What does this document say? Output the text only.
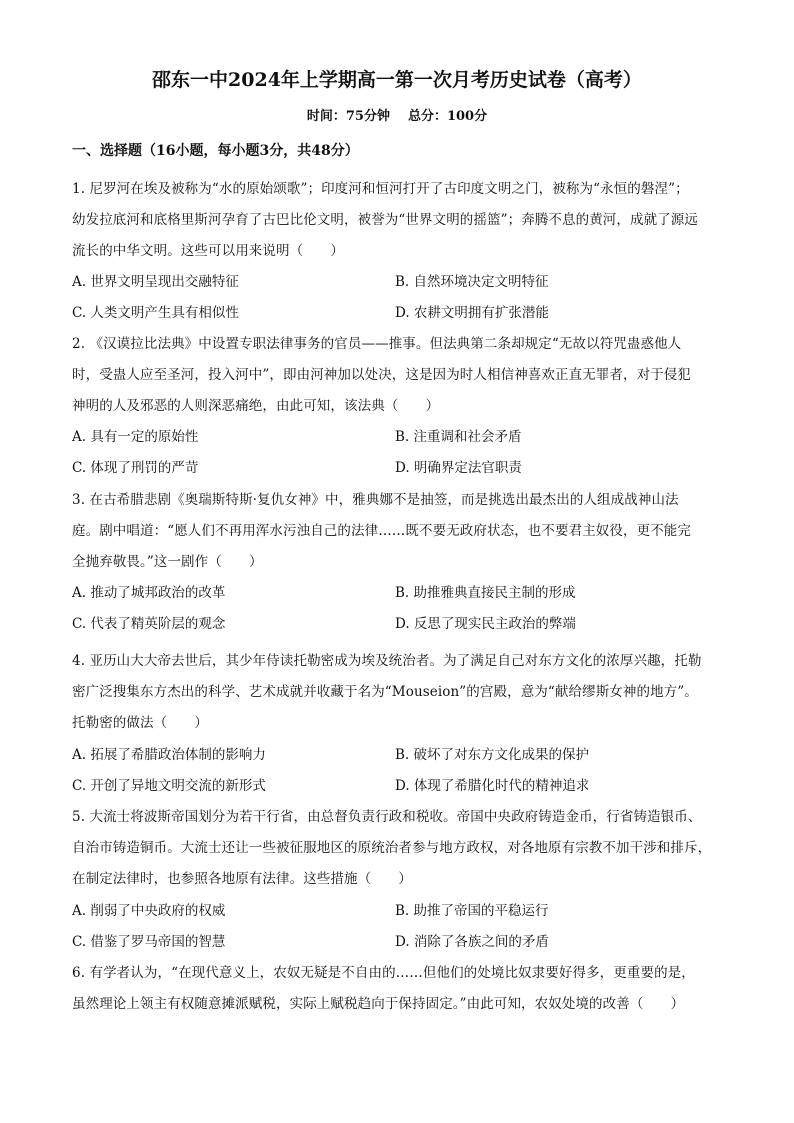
邵东一中2024年上学期高一第一次月考历史试卷（高考）
时间：75分钟 总分：100分
一、选择题（16小题，每小题3分，共48分）
1. 尼罗河在埃及被称为“水的原始颂歌”；印度河和恒河打开了古印度文明之门，被称为“永恒的磐涅”；
幼发拉底河和底格里斯河孕育了古巴比伦文明，被誉为“世界文明的摇篮”；奔腾不息的黄河，成就了源远
流长的中华文明。这些可以用来说明（　　）
A. 世界文明呈现出交融特征	B. 自然环境决定文明特征
C. 人类文明产生具有相似性	D. 农耕文明拥有扩张潜能
2. 《汉谟拉比法典》中设置专职法律事务的官员——推事。但法典第二条却规定“无故以符咒蛊惑他人
时，受蛊人应至圣河，投入河中”，即由河神加以处决，这是因为时人相信神喜欢正直无罪者，对于侵犯
神明的人及邪恶的人则深恶痛绝，由此可知，该法典（　　）
A. 具有一定的原始性	B. 注重调和社会矛盾
C. 体现了刑罚的严苛	D. 明确界定法官职责
3. 在古希腊悲剧《奥瑞斯特斯·复仇女神》中，雅典娜不是抽签，而是挑选出最杰出的人组成战神山法
庭。剧中唱道：“愿人们不再用浑水污浊自己的法律……既不要无政府状态，也不要君主奴役，更不能完
全抛弃敬畏。”这一剧作（　　）
A. 推动了城邦政治的改革	B. 助推雅典直接民主制的形成
C. 代表了精英阶层的观念	D. 反思了现实民主政治的弊端
4. 亚历山大大帝去世后，其少年侍读托勒密成为埃及统治者。为了满足自己对东方文化的浓厚兴趣，托勒
密广泛搜集东方杰出的科学、艺术成就并收藏于名为“Mouseion”的宫殿，意为“献给缪斯女神的地方”。
托勒密的做法（　　）
A. 拓展了希腊政治体制的影响力	B. 破坏了对东方文化成果的保护
C. 开创了异地文明交流的新形式	D. 体现了希腊化时代的精神追求
5. 大流士将波斯帝国划分为若干行省，由总督负责行政和税收。帝国中央政府铸造金币，行省铸造银币、
自治市铸造铜币。大流士还让一些被征服地区的原统治者参与地方政权，对各地原有宗教不加干涉和排斥，
在制定法律时，也参照各地原有法律。这些措施（　　）
A. 削弱了中央政府的权威	B. 助推了帝国的平稳运行
C. 借鉴了罗马帝国的智慧	D. 消除了各族之间的矛盾
6. 有学者认为，“在现代意义上，农奴无疑是不自由的……但他们的处境比奴隶要好得多，更重要的是，
虽然理论上领主有权随意摊派赋税，实际上赋税趋向于保持固定。”由此可知，农奴处境的改善（　　）
